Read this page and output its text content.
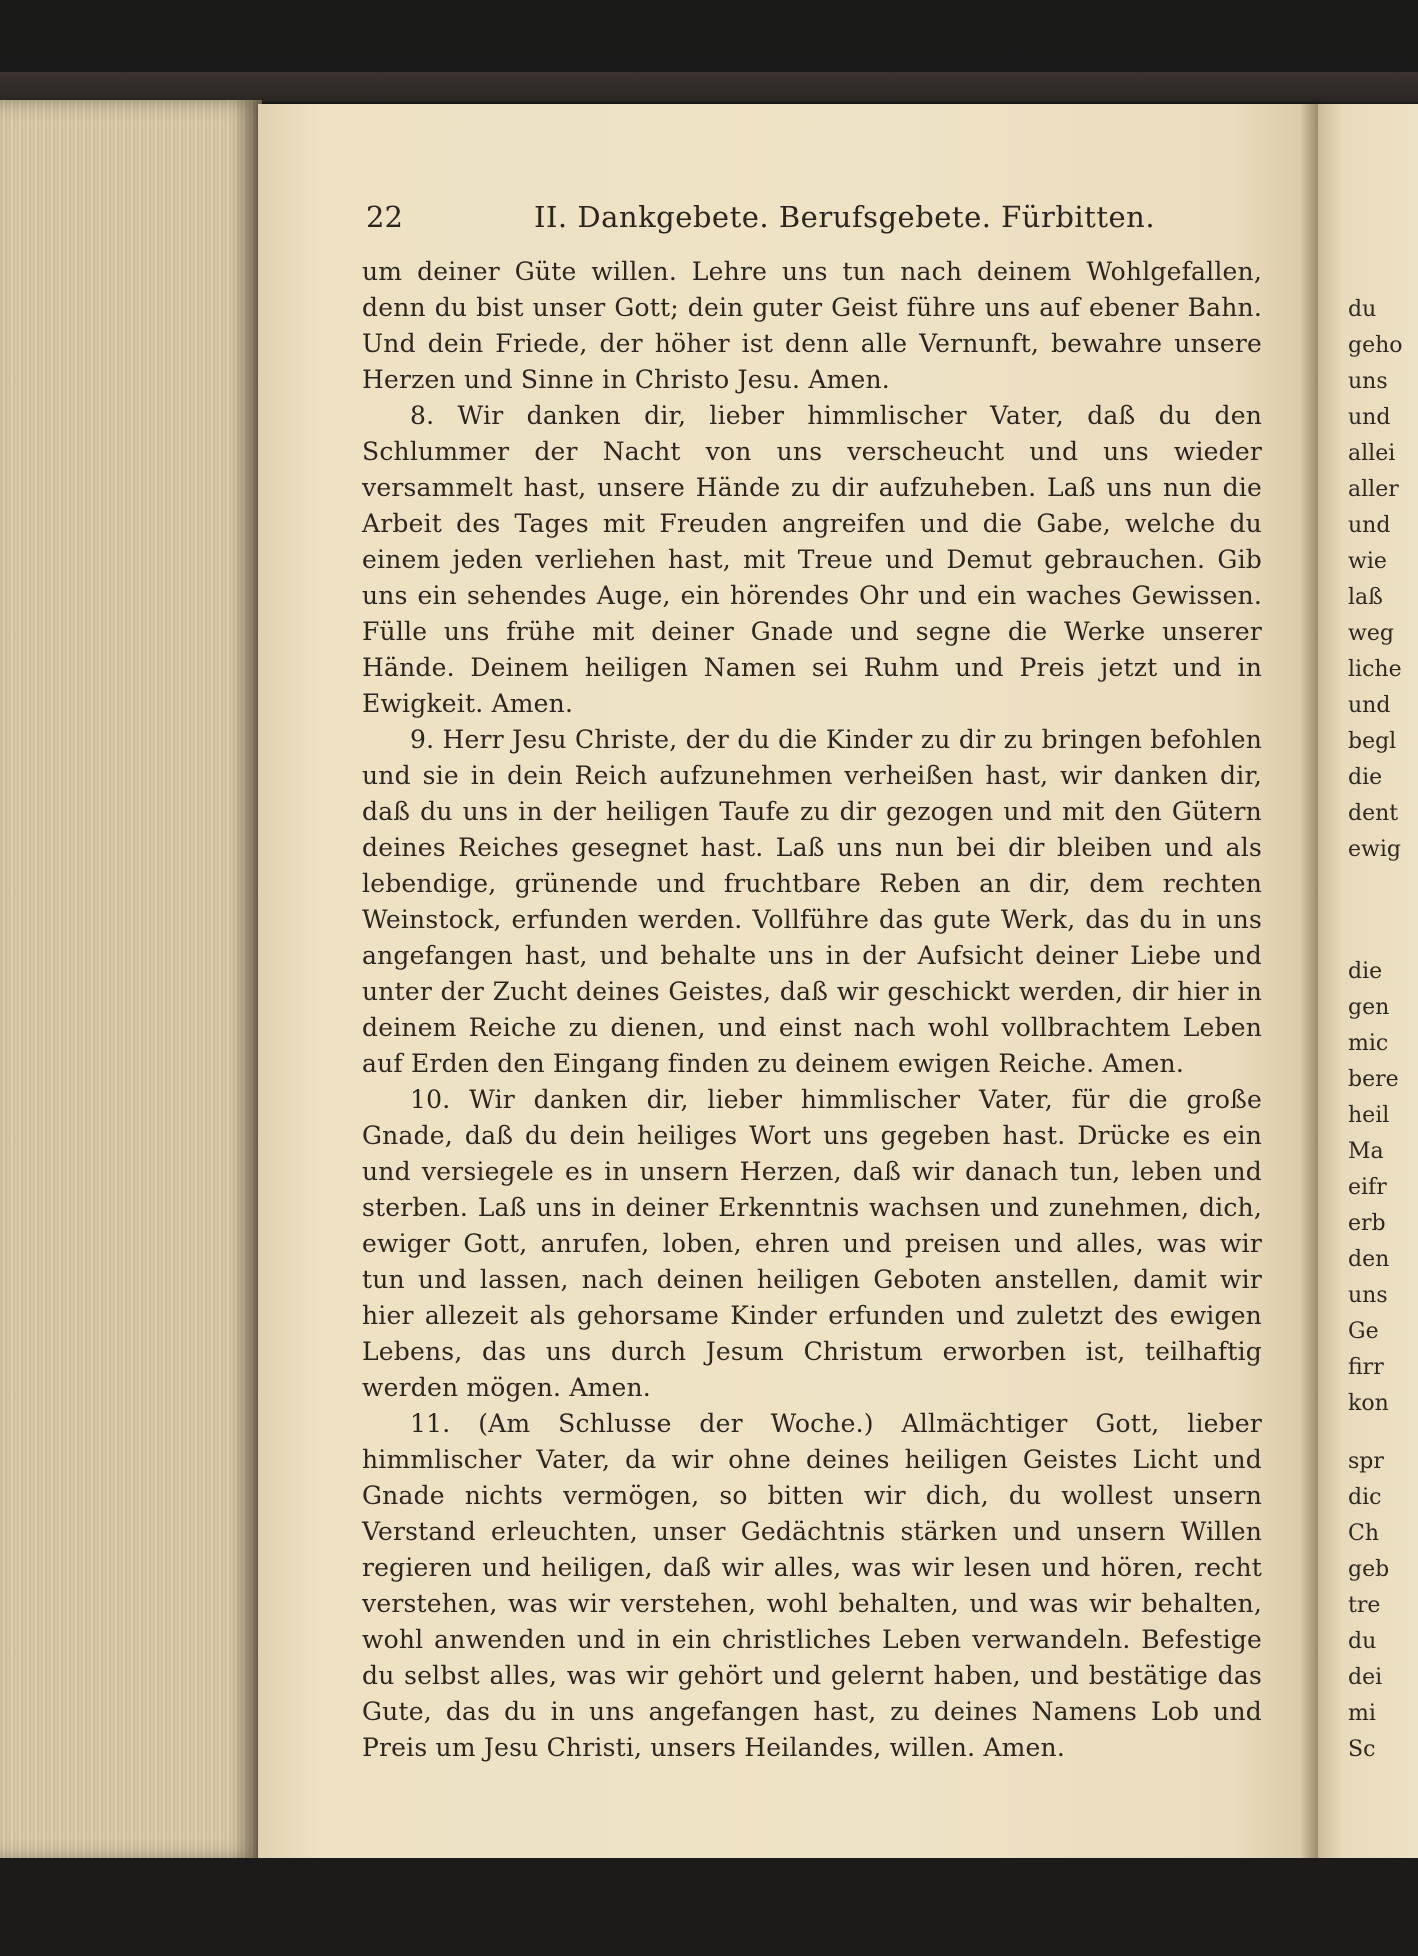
22	II. Dankgebete. Berufsgebete. Fürbitten.

um deiner Güte willen. Lehre uns tun nach deinem Wohlgefallen, denn du bist unser Gott; dein guter Geist führe uns auf ebener Bahn. Und dein Friede, der höher ist denn alle Vernunft, bewahre unsere Herzen und Sinne in Christo Jesu. Amen.

8. Wir danken dir, lieber himmlischer Vater, daß du den Schlummer der Nacht von uns verscheucht und uns wieder versammelt hast, unsere Hände zu dir aufzuheben. Laß uns nun die Arbeit des Tages mit Freuden angreifen und die Gabe, welche du einem jeden verliehen hast, mit Treue und Demut gebrauchen. Gib uns ein sehendes Auge, ein hörendes Ohr und ein waches Gewissen. Fülle uns frühe mit deiner Gnade und segne die Werke unserer Hände. Deinem heiligen Namen sei Ruhm und Preis jetzt und in Ewigkeit. Amen.

9. Herr Jesu Christe, der du die Kinder zu dir zu bringen befohlen und sie in dein Reich aufzunehmen verheißen hast, wir danken dir, daß du uns in der heiligen Taufe zu dir gezogen und mit den Gütern deines Reiches gesegnet hast. Laß uns nun bei dir bleiben und als lebendige, grünende und fruchtbare Reben an dir, dem rechten Weinstock, erfunden werden. Vollführe das gute Werk, das du in uns angefangen hast, und behalte uns in der Aufsicht deiner Liebe und unter der Zucht deines Geistes, daß wir geschickt werden, dir hier in deinem Reiche zu dienen, und einst nach wohl vollbrachtem Leben auf Erden den Eingang finden zu deinem ewigen Reiche. Amen.

10. Wir danken dir, lieber himmlischer Vater, für die große Gnade, daß du dein heiliges Wort uns gegeben hast. Drücke es ein und versiegele es in unsern Herzen, daß wir danach tun, leben und sterben. Laß uns in deiner Erkenntnis wachsen und zunehmen, dich, ewiger Gott, anrufen, loben, ehren und preisen und alles, was wir tun und lassen, nach deinen heiligen Geboten anstellen, damit wir hier allezeit als gehorsame Kinder erfunden und zuletzt des ewigen Lebens, das uns durch Jesum Christum erworben ist, teilhaftig werden mögen. Amen.

11. (Am Schlusse der Woche.) Allmächtiger Gott, lieber himmlischer Vater, da wir ohne deines heiligen Geistes Licht und Gnade nichts vermögen, so bitten wir dich, du wollest unsern Verstand erleuchten, unser Gedächtnis stärken und unsern Willen regieren und heiligen, daß wir alles, was wir lesen und hören, recht verstehen, was wir verstehen, wohl behalten, und was wir behalten, wohl anwenden und in ein christliches Leben verwandeln. Befestige du selbst alles, was wir gehört und gelernt haben, und bestätige das Gute, das du in uns angefangen hast, zu deines Namens Lob und Preis um Jesu Christi, unsers Heilandes, willen. Amen.

du
geho
uns
und
allei
aller
und
wie
laß
weg
liche
und
begl
die
dent
ewig
die
gen
mic
bere
heil
Ma
eifr
erb
den
uns
Ge
firr
kon
spr
dic
Ch
geb
tre
du
dei
mi
Sc
